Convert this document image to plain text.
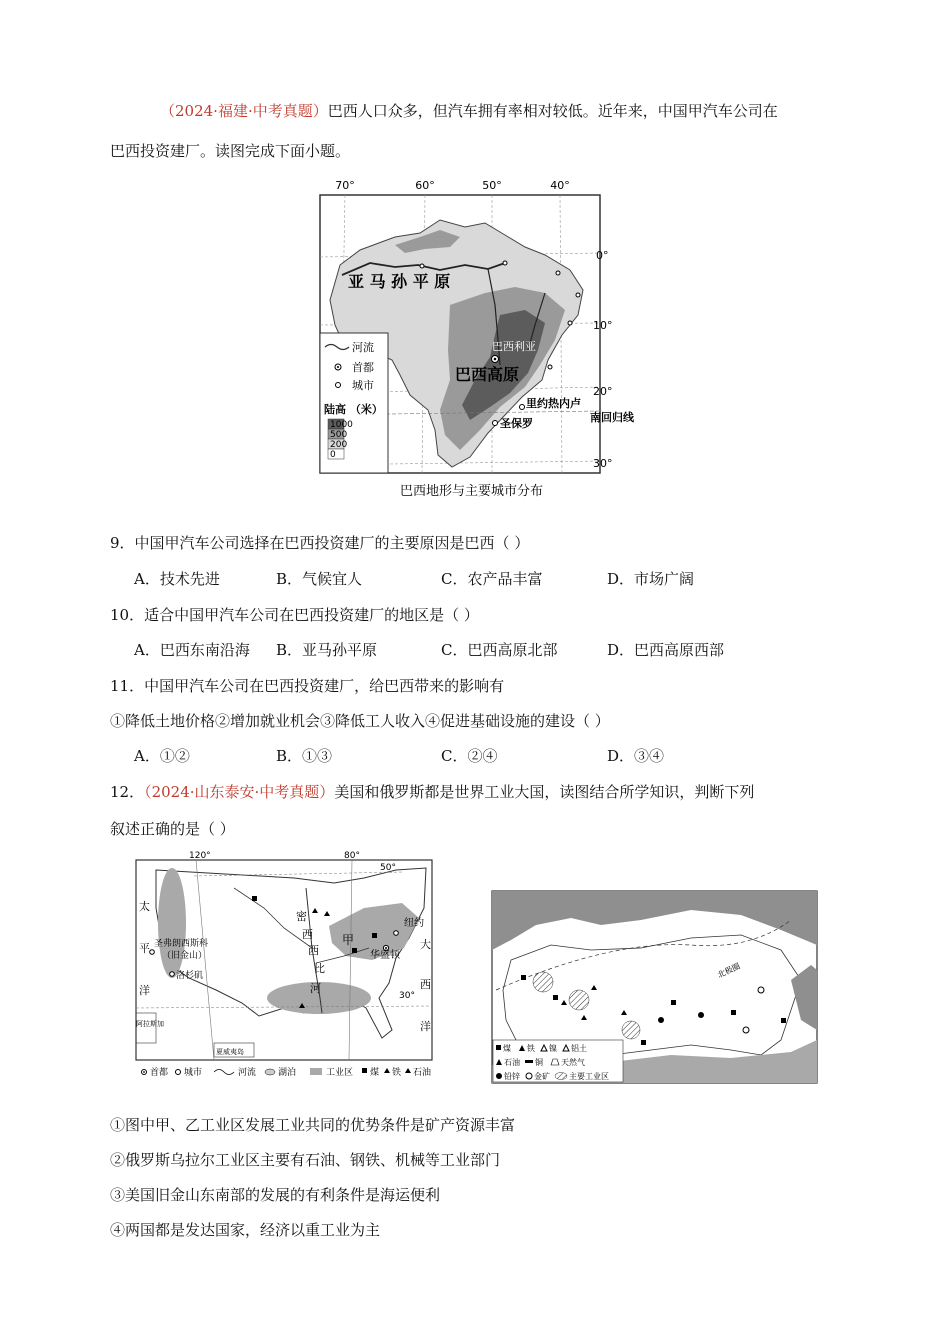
（2024·福建·中考真题）巴西人口众多，但汽车拥有率相对较低。近年来，中国甲汽车公司在
巴西投资建厂。读图完成下面小题。
70°	60°	50°	40°
0°
10°
20°
30°
亚 马 孙 平 原
巴西高原
巴西利亚
里约热内卢
圣保罗	南回归线
河流
首都
城市
陆高 （米）
1000
500
200
0
巴西地形与主要城市分布
9．中国甲汽车公司选择在巴西投资建厂的主要原因是巴西（ ）
A．技术先进	B．气候宜人	C．农产品丰富	D．市场广阔
10．适合中国甲汽车公司在巴西投资建厂的地区是（ ）
A．巴西东南沿海 B．亚马孙平原	C．巴西高原北部	D．巴西高原西部
11．中国甲汽车公司在巴西投资建厂，给巴西带来的影响有
①降低土地价格②增加就业机会③降低工人收入④促进基础设施的建设（ ）
A．①②	B．①③	C．②④	D．③④
12．（2024·山东泰安·中考真题）美国和俄罗斯都是世界工业大国，读图结合所学知识，判断下列
叙述正确的是（ ）
120°	80°
50°
30°
太
平
洋
大
西
洋
密
西
西
比
河
圣弗朗西斯科
（旧金山）
洛杉矶
纽约
华盛顿
甲
阿拉斯加
夏威夷岛
首都 城市	河流 湖泊	工业区 煤 铁 石油
北极圈
煤 铁 镍 铝土
石油 铜 天然气
铅锌 金矿 主要工业区
①图中甲、乙工业区发展工业共同的优势条件是矿产资源丰富
②俄罗斯乌拉尔工业区主要有石油、钢铁、机械等工业部门
③美国旧金山东南部的发展的有利条件是海运便利
④两国都是发达国家，经济以重工业为主
